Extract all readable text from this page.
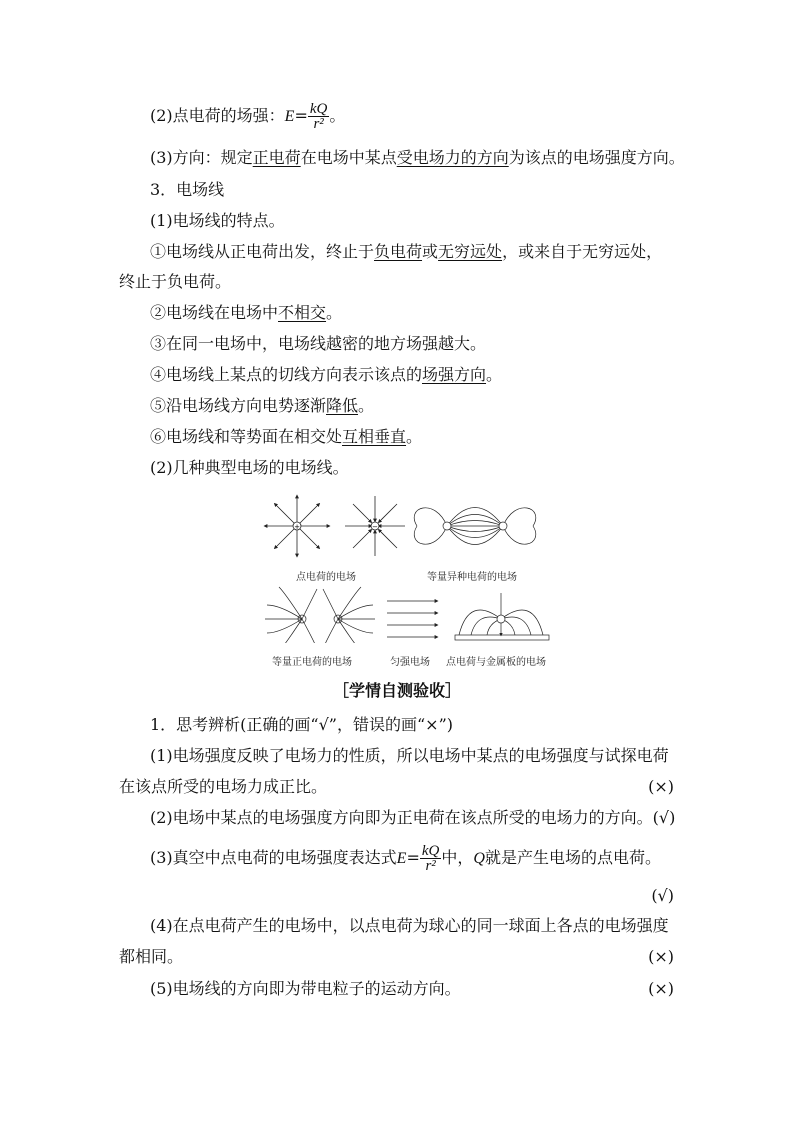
(2)点电荷的场强：$E= \frac{kQ}{\text{r²}}$ 。
(3)方向：规定正电荷在电场中某点受电场力的方向为该点的电场强度方向。
3．电场线
(1)电场线的特点。
①电场线从正电荷出发，终止于负电荷或无穷远处，或来自于无穷远处，
终止于负电荷。
②电场线在电场中不相交。
③在同一电场中，电场线越密的地方场强越大。
④电场线上某点的切线方向表示该点的场强方向。
⑤沿电场线方向电势逐渐降低。
⑥电场线和等势面在相交处互相垂直。
(2)几种典型电场的电场线。
+	−
点电荷的电场	等量异种电荷的电场
等量正电荷的电场	匀强电场 点电荷与金属板的电场
［学情自测验收］
1．思考辨析(正确的画“√”，错误的画“×”)
(1)电场强度反映了电场力的性质，所以电场中某点的电场强度与试探电荷
在该点所受的电场力成正比。	(×)
(2)电场中某点的电场强度方向即为正电荷在该点所受的电场力的方向。(√)
(3)真空中点电荷的电场强度表达式$E= \frac{kQ}{\text{r²}}$ 中，Q就是产生电场的点电荷。
(√)
(4)在点电荷产生的电场中，以点电荷为球心的同一球面上各点的电场强度
都相同。	(×)
(5)电场线的方向即为带电粒子的运动方向。	(×)
